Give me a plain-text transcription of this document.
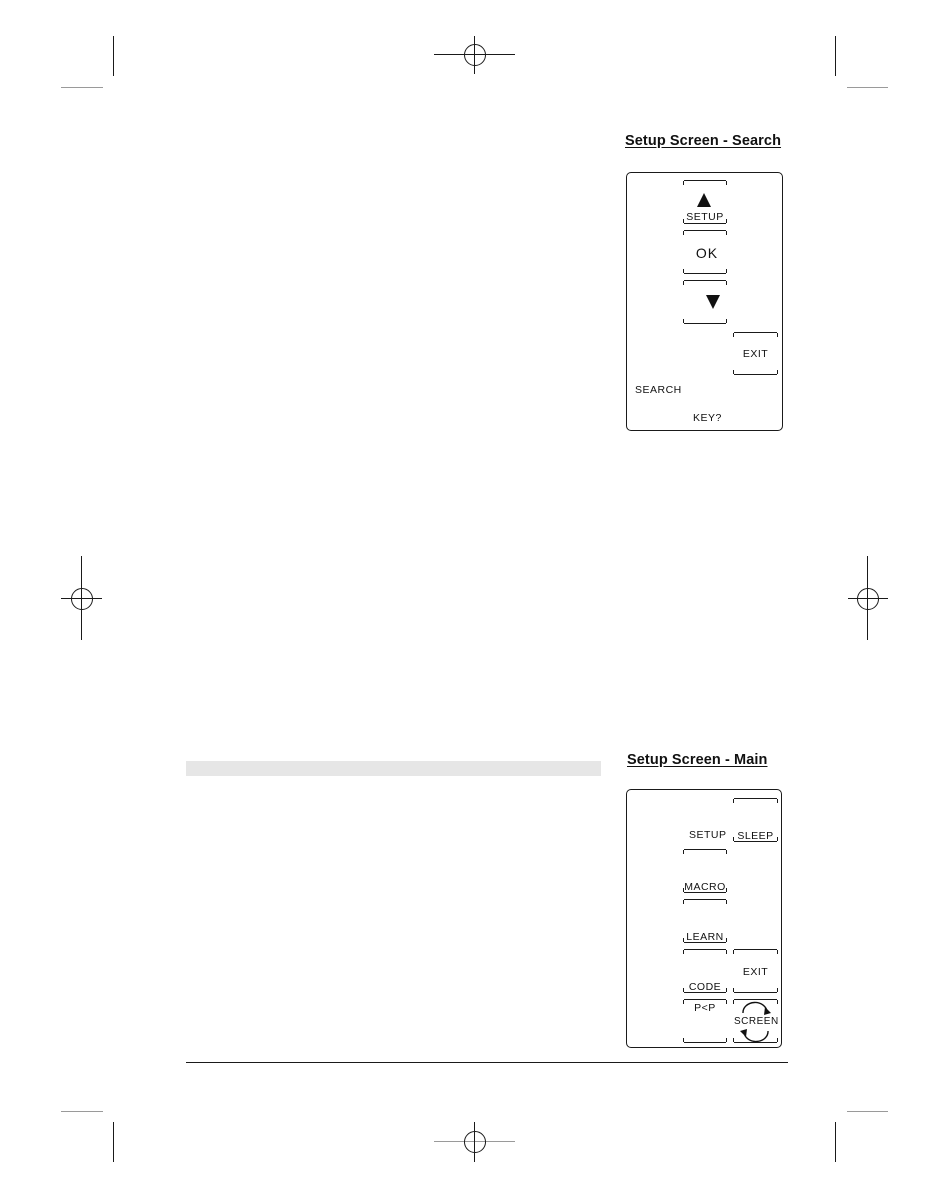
Setup Screen - Search
SETUP
OK
EXIT
SEARCH
KEY?
Setup Screen - Main
SLEEP
SETUP
MACRO
LEARN
CODE
EXIT
P<P
SCREEN
